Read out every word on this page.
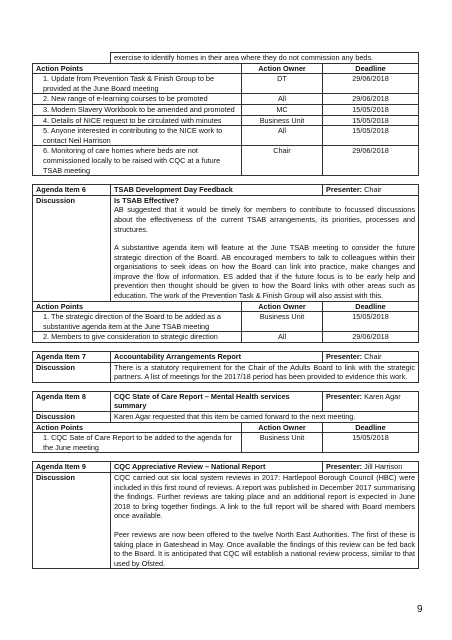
	exercise to identify homes in their area where they do not commission any beds.		
Action Points		Action Owner	Deadline
1. Update from Prevention Task & Finish Group to be provided at the June Board meeting		DT	29/06/2018
2. New range of e-learning courses to be promoted		All	29/06/2018
3. Modern Slavery Workbook to be amended and promoted		MC	15/05/2018
4. Details of NICE request to be circulated with minutes		Business Unit	15/05/2018
5. Anyone interested in contributing to the NICE work to contact Neil Harrison		All	15/05/2018
6. Monitoring of care homes where beds are not commissioned locally to be raised with CQC at a future TSAB meeting		Chair	29/06/2018
Agenda Item 6	TSAB Development Day Feedback		Presenter: Chair
Discussion	Is TSAB Effective?

AB suggested that it would be timely for members to contribute to focussed discussions about the effectiveness of the current TSAB arrangements, its priorities, processes and structures.

A substantive agenda item will feature at the June TSAB meeting to consider the future strategic direction of the Board. AB encouraged members to talk to colleagues within their organisations to seek ideas on how the Board can link into practice, make changes and improve the flow of information. ES added that if the future focus is to be early help and prevention then thought should be given to how the Board links with other areas such as education. The work of the Prevention Task & Finish Group will also assist with this.		

Action Points		Action Owner	Deadline
1. The strategic direction of the Board to be added as a substantive agenda item at the June TSAB meeting		Business Unit	15/05/2018
2. Members to give consideration to strategic direction		All	29/06/2018
Agenda Item 7	Accountability Arrangements Report	Presenter: Chair
Discussion	There is a statutory requirement for the Chair of the Adults Board to link with the strategic partners. A list of meetings for the 2017/18 period has been provided to evidence this work.	
Agenda Item 8	CQC State of Care Report – Mental Health services summary		Presenter: Karen Agar
Discussion	Karen Agar requested that this item be carried forward to the next meeting.		
Action Points		Action Owner	Deadline
1. CQC Sate of Care Report to be added to the agenda for the June meeting		Business Unit	15/05/2018
Agenda Item 9	CQC Appreciative Review – National Report	Presenter: Jill Harrison
Discussion	CQC carried out six local system reviews in 2017: Hartlepool Borough Council (HBC) were included in this first round of reviews. A report was published in December 2017 summarising the findings. Further reviews are taking place and an additional report is expected in June 2018 to bring together findings. A link to the full report will be shared with Board members once available.

Peer reviews are now been offered to the twelve North East Authorities. The first of these is taking place in Gateshead in May. Once available the findings of this review can be fed back to the Board. It is anticipated that CQC will establish a national review process, similar to that used by Ofsted.	

9
